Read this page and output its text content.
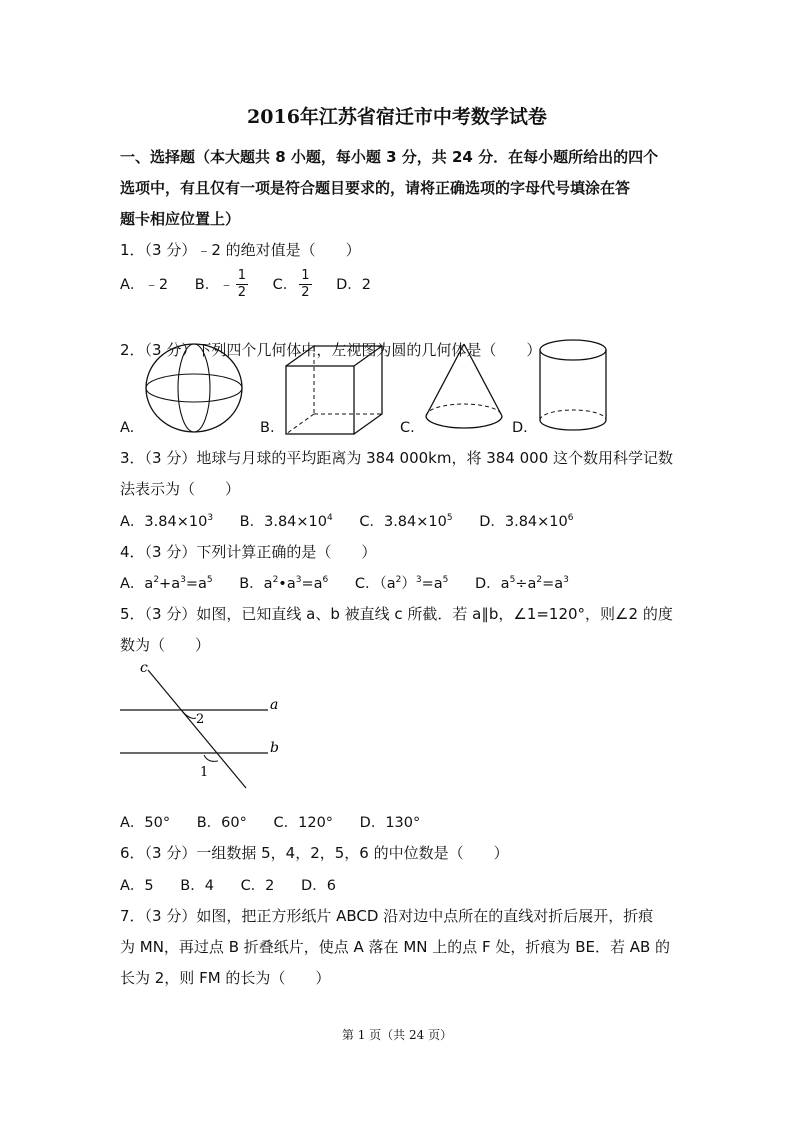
2016年江苏省宿迁市中考数学试卷
一、选择题（本大题共 8 小题，每小题 3 分，共 24 分．在每小题所给出的四个
选项中，有且仅有一项是符合题目要求的，请将正确选项的字母代号填涂在答
题卡相应位置上）
1．（3 分）﹣2 的绝对值是（　　）
A．﹣2 B．﹣ $\frac{1}{2}$ C． $\frac{1}{2}$ D．2
2．（3 分）下列四个几何体中，左视图为圆的几何体是（　　）
A.	B.	C.	D.
3．（3 分）地球与月球的平均距离为 384 000km，将 384 000 这个数用科学记数
法表示为（　　）
A．$3.84\times 10^3$ B．$3.84\times 10^4$ C．$3.84\times 10^5$ D．$3.84\times 10^6$
4．（3 分）下列计算正确的是（　　）
A．$a^2+a^3=a^5$ B．$a^2•a^3=a^6$ C．$(a^2)^3=a^5$ D．$a^5\div a^2=a^3$
5．（3 分）如图，已知直线 a、b 被直线 c 所截．若 a∥b，∠1=120°，则∠2 的度
数为（　　）
c
a
b
2
1
A．50° B．60° C．120° D．130°
6．（3 分）一组数据 5，4，2，5，6 的中位数是（　　）
A．5 B．4 C．2 D．6
7．（3 分）如图，把正方形纸片 ABCD 沿对边中点所在的直线对折后展开，折痕
为 MN，再过点 B 折叠纸片，使点 A 落在 MN 上的点 F 处，折痕为 BE．若 AB 的
长为 2，则 FM 的长为（　　）
第 1 页（共 24 页）
